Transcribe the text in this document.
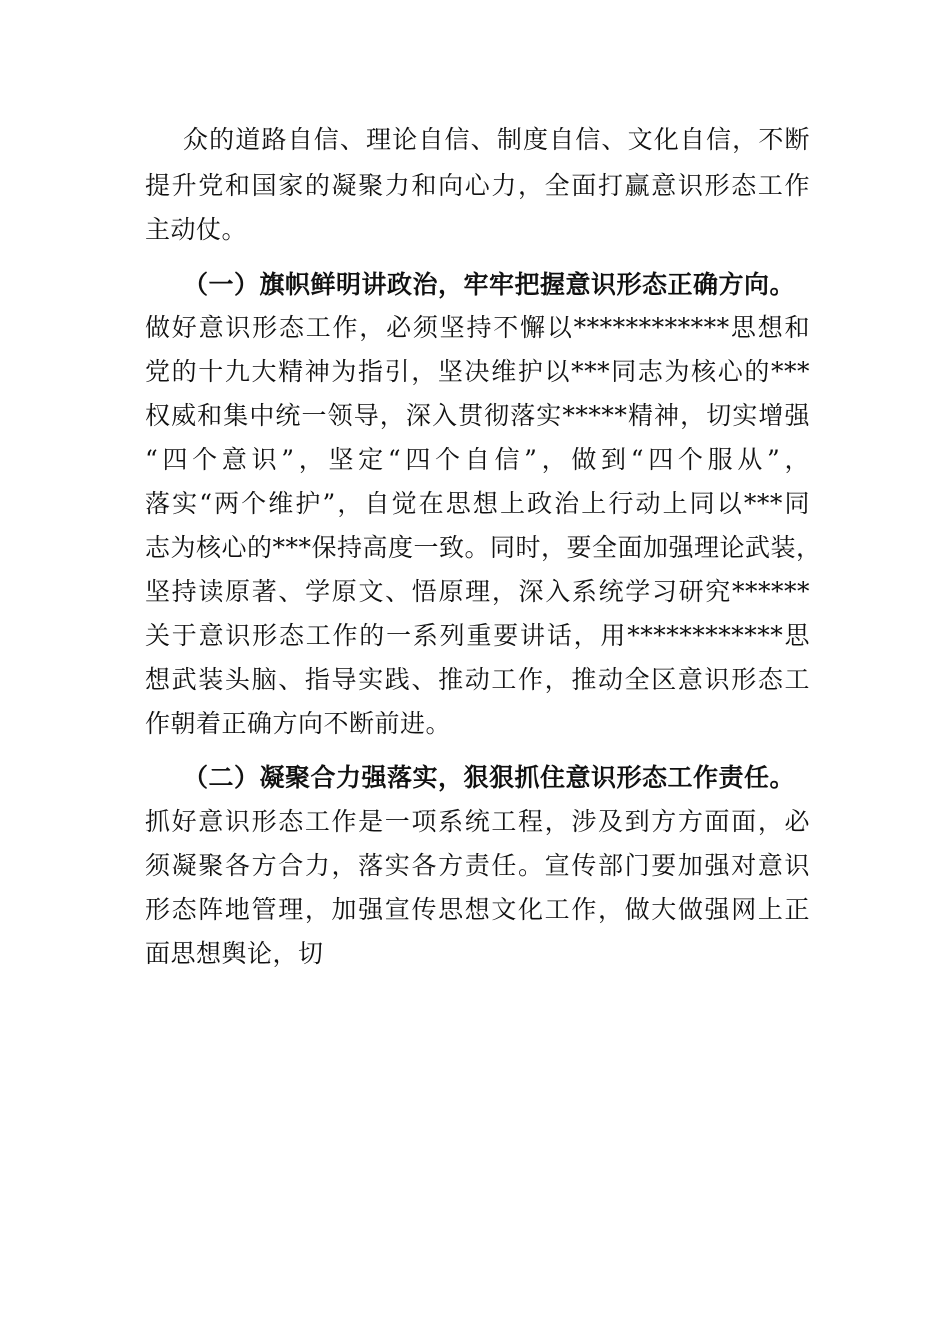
众的道路自信、理论自信、制度自信、文化自信，不断
提升党和国家的凝聚力和向心力，全面打赢意识形态工作
主动仗。
（一）旗帜鲜明讲政治，牢牢把握意识形态正确方向。
做好意识形态工作，必须坚持不懈以************思想和
党的十九大精神为指引，坚决维护以***同志为核心的***
权威和集中统一领导，深入贯彻落实*****精神，切实增强
“四个意识”，坚定“四个自信”，做到“四个服从”，
落实“两个维护”，自觉在思想上政治上行动上同以***同
志为核心的***保持高度一致。同时，要全面加强理论武装，
坚持读原著、学原文、悟原理，深入系统学习研究******
关于意识形态工作的一系列重要讲话，用************思
想武装头脑、指导实践、推动工作，推动全区意识形态工
作朝着正确方向不断前进。
（二）凝聚合力强落实，狠狠抓住意识形态工作责任。
抓好意识形态工作是一项系统工程，涉及到方方面面，必
须凝聚各方合力，落实各方责任。宣传部门要加强对意识
形态阵地管理，加强宣传思想文化工作，做大做强网上正
面思想舆论，切
